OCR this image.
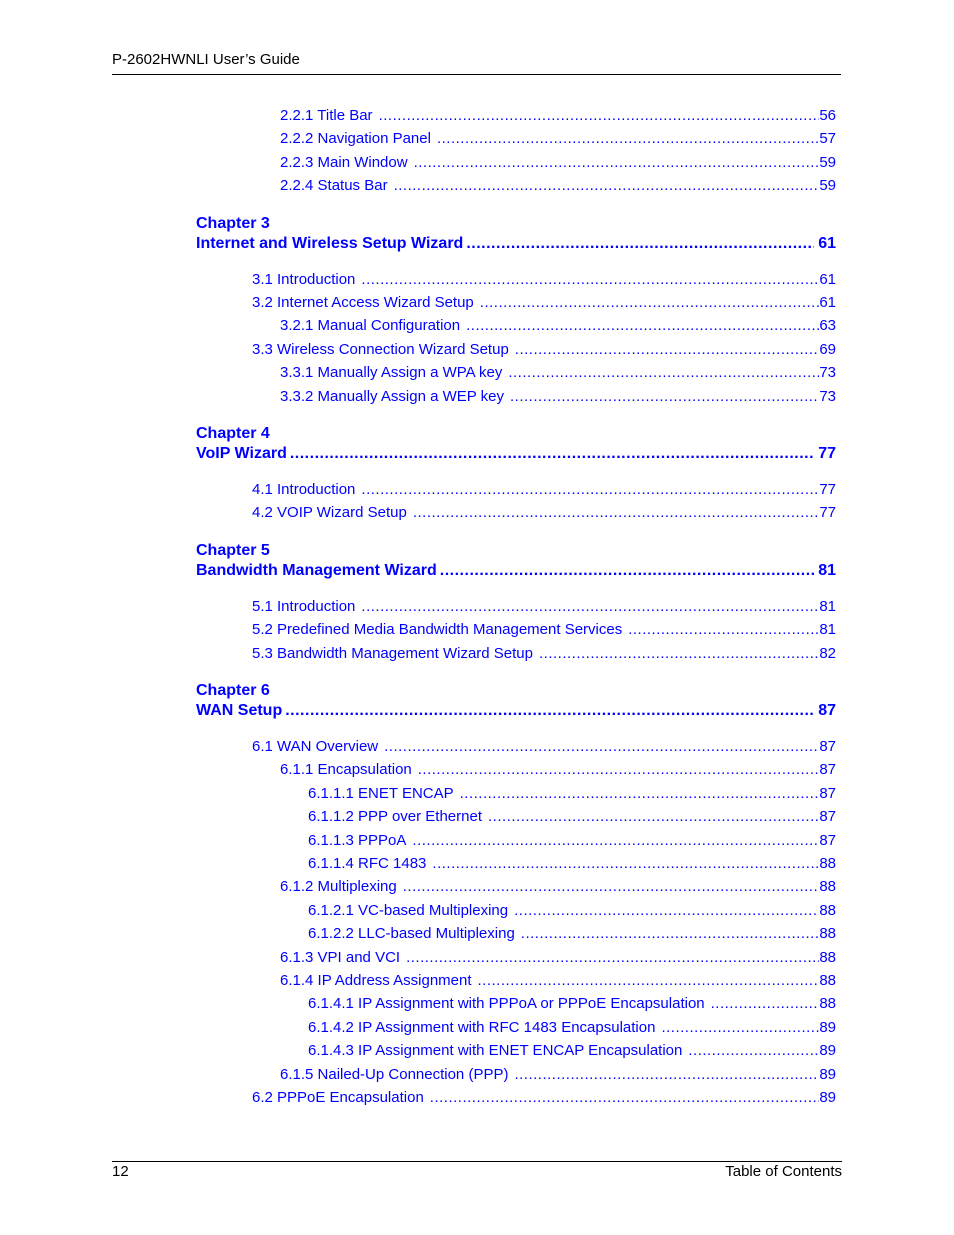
P-2602HWNLI User’s Guide
2.2.1 Title Bar .....	56
2.2.2 Navigation Panel .....	57
2.2.3 Main Window .....	59
2.2.4 Status Bar .....	59
Chapter 3
Internet and Wireless Setup Wizard .....	61
3.1 Introduction .....	61
3.2 Internet Access Wizard Setup .....	61
3.2.1 Manual Configuration .....	63
3.3 Wireless Connection Wizard Setup .....	69
3.3.1 Manually Assign a WPA key .....	73
3.3.2 Manually Assign a WEP key .....	73
Chapter 4
VoIP Wizard .....	77
4.1 Introduction .....	77
4.2 VOIP Wizard Setup .....	77
Chapter 5
Bandwidth Management Wizard .....	81
5.1 Introduction .....	81
5.2 Predefined Media Bandwidth Management Services .....	81
5.3 Bandwidth Management Wizard Setup .....	82
Chapter 6
WAN Setup .....	87
6.1 WAN Overview .....	87
6.1.1 Encapsulation .....	87
6.1.1.1 ENET ENCAP .....	87
6.1.1.2 PPP over Ethernet .....	87
6.1.1.3 PPPoA .....	87
6.1.1.4 RFC 1483 .....	88
6.1.2 Multiplexing .....	88
6.1.2.1 VC-based Multiplexing .....	88
6.1.2.2 LLC-based Multiplexing .....	88
6.1.3 VPI and VCI .....	88
6.1.4 IP Address Assignment .....	88
6.1.4.1 IP Assignment with PPPoA or PPPoE Encapsulation .....	88
6.1.4.2 IP Assignment with RFC 1483 Encapsulation .....	89
6.1.4.3 IP Assignment with ENET ENCAP Encapsulation .....	89
6.1.5 Nailed-Up Connection (PPP) .....	89
6.2 PPPoE Encapsulation .....	89
12	Table of Contents
